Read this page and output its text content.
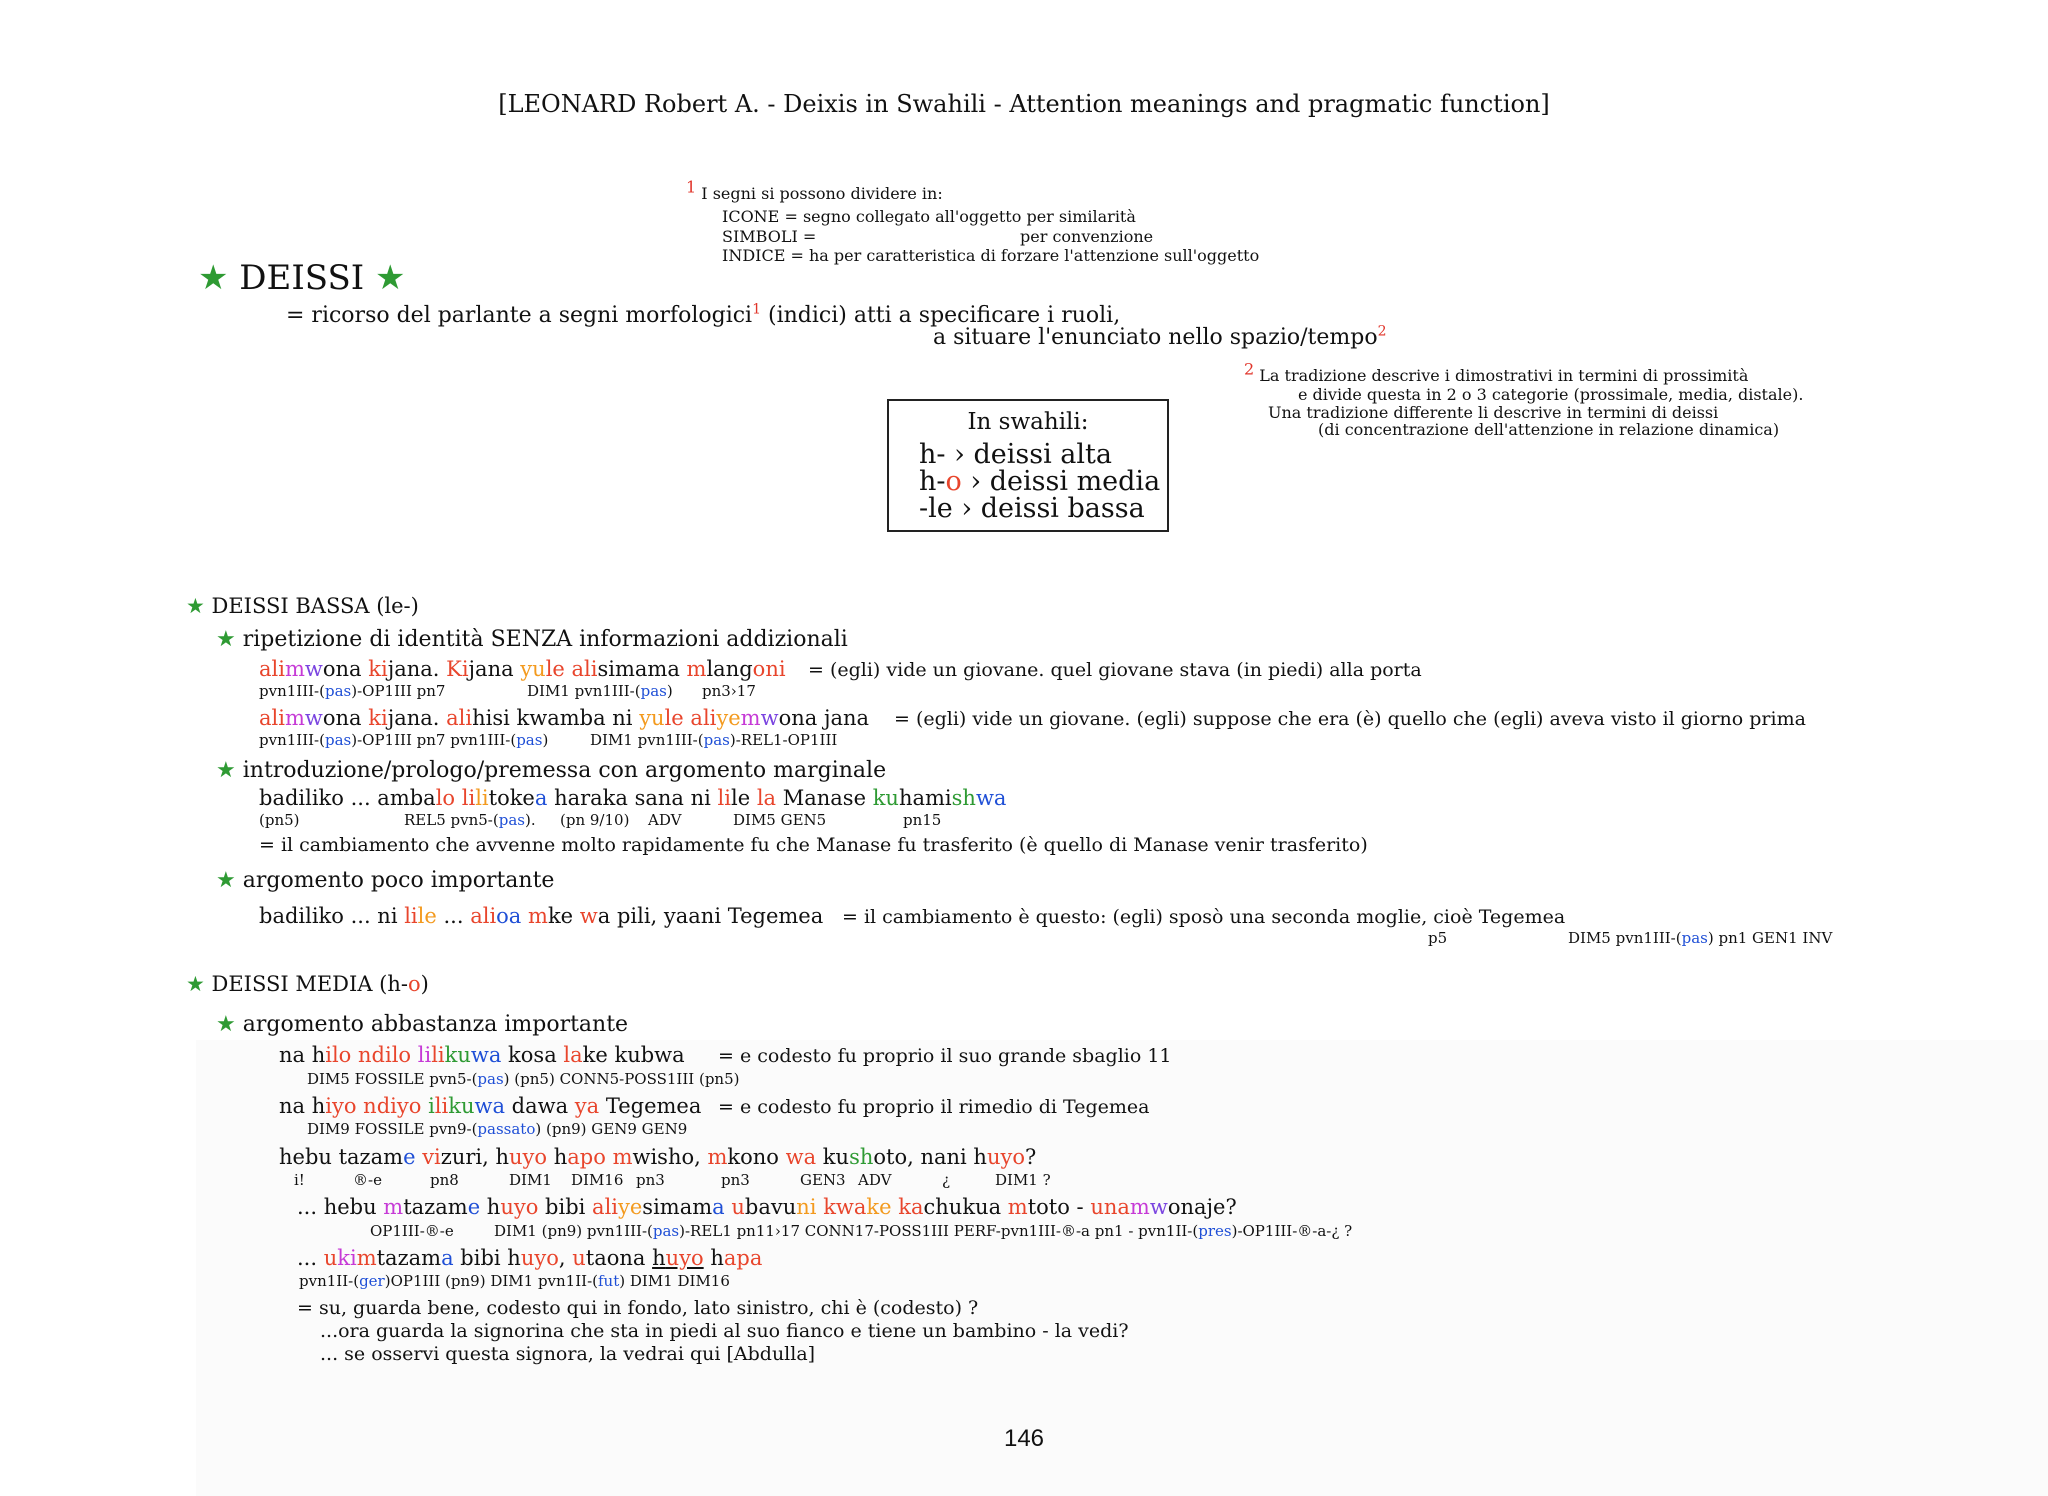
[LEONARD Robert A. - Deixis in Swahili - Attention meanings and pragmatic function]
1 I segni si possono dividere in:
ICONE = segno collegato all'oggetto per similarità
SIMBOLI =	per convenzione
INDICE = ha per caratteristica di forzare l'attenzione sull'oggetto
★ DEISSI ★
= ricorso del parlante a segni morfologici$^1$ (indici) atti a specificare i ruoli,
a situare l'enunciato nello spazio/tempo$^2$
2 La tradizione descrive i dimostrativi in termini di prossimità
e divide questa in 2 o 3 categorie (prossimale, media, distale).
Una tradizione differente li descrive in termini di deissi
(di concentrazione dell'attenzione in relazione dinamica)
In swahili:
h- › deissi alta
h-o › deissi media
-le › deissi bassa
★ DEISSI BASSA (le-)
★ ripetizione di identità SENZA informazioni addizionali
alimwona kijana. Kijana yule alisimama mlangoni = (egli) vide un giovane. quel giovane stava (in piedi) alla porta
pvn1III-(pas)-OP1III pn7	DIM1 pvn1III-(pas) pn3›17
alimwona kijana. alihisi kwamba ni yule aliyemwona jana = (egli) vide un giovane. (egli) suppose che era (è) quello che (egli) aveva visto il giorno prima
pvn1III-(pas)-OP1III pn7 pvn1III-(pas)	DIM1 pvn1III-(pas)-REL1-OP1III
★ introduzione/prologo/premessa con argomento marginale
badiliko ... ambalo lilitokea haraka sana ni lile la Manase kuhamishwa
(pn5)	REL5 pvn5-(pas). (pn 9/10) ADV	DIM5 GEN5	pn15
= il cambiamento che avvenne molto rapidamente fu che Manase fu trasferito (è quello di Manase venir trasferito)
★ argomento poco importante
badiliko ... ni lile ... alioa mke wa pili, yaani Tegemea = il cambiamento è questo: (egli) sposò una seconda moglie, cioè Tegemea
p5	DIM5 pvn1III-(pas) pn1 GEN1 INV
★ DEISSI MEDIA (h-o)
★ argomento abbastanza importante
na hilo ndilo lilikuwa kosa lake kubwa = e codesto fu proprio il suo grande sbaglio 11
DIM5 FOSSILE pvn5-(pas) (pn5) CONN5-POSS1III (pn5)
na hiyo ndiyo ilikuwa dawa ya Tegemea = e codesto fu proprio il rimedio di Tegemea
DIM9 FOSSILE pvn9-(passato) (pn9) GEN9 GEN9
hebu tazame vizuri, huyo hapo mwisho, mkono wa kushoto, nani huyo?
i!	®-e	pn8	DIM1 DIM16 pn3	pn3	GEN3 ADV	¿	DIM1 ?
... hebu mtazame huyo bibi aliyesimama ubavuni kwake kachukua mtoto - unamwonaje?
OP1III-®-e	DIM1 (pn9) pvn1III-(pas)-REL1 pn11›17 CONN17-POSS1III PERF-pvn1III-®-a pn1 - pvn1II-(pres)-OP1III-®-a-¿ ?
... ukimtazama bibi huyo, utaona huyo hapa
pvn1II-(ger)OP1III (pn9) DIM1 pvn1II-(fut) DIM1 DIM16
= su, guarda bene, codesto qui in fondo, lato sinistro, chi è (codesto) ?
...ora guarda la signorina che sta in piedi al suo fianco e tiene un bambino - la vedi?
... se osservi questa signora, la vedrai qui [Abdulla]
146
